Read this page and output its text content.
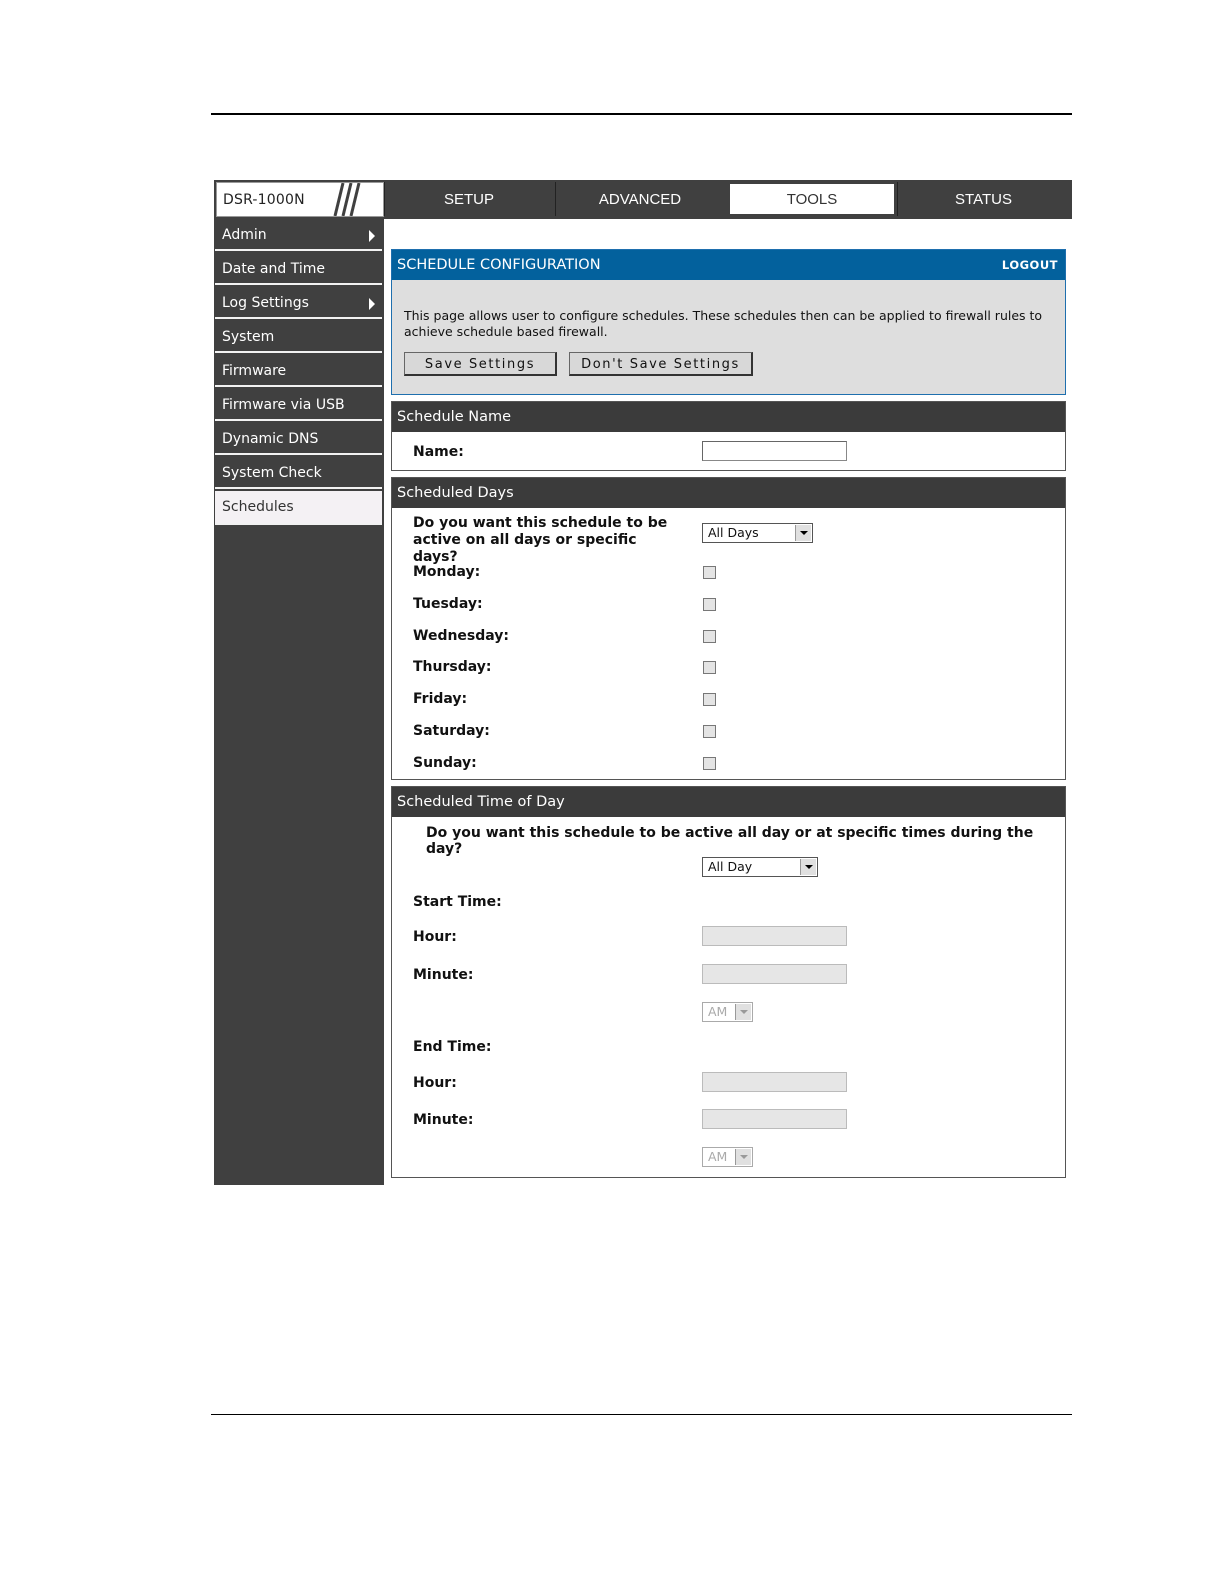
DSR-1000N	SETUP	ADVANCED	TOOLS	STATUS
Admin
Date and Time
Log Settings
System
Firmware
Firmware via USB
Dynamic DNS
System Check
Schedules
SCHEDULE CONFIGURATION	LOGOUT
This page allows user to configure schedules. These schedules then can be applied to firewall rules to achieve schedule based firewall.
Save Settings	Don't Save Settings
Schedule Name
Name:
Scheduled Days
Do you want this schedule to be active on all days or specific days?
All Days
Monday:
Tuesday:
Wednesday:
Thursday:
Friday:
Saturday:
Sunday:
Scheduled Time of Day
Do you want this schedule to be active all day or at specific times during the day?
All Day
Start Time:
Hour:
Minute:
AM
End Time:
Hour:
Minute:
AM
